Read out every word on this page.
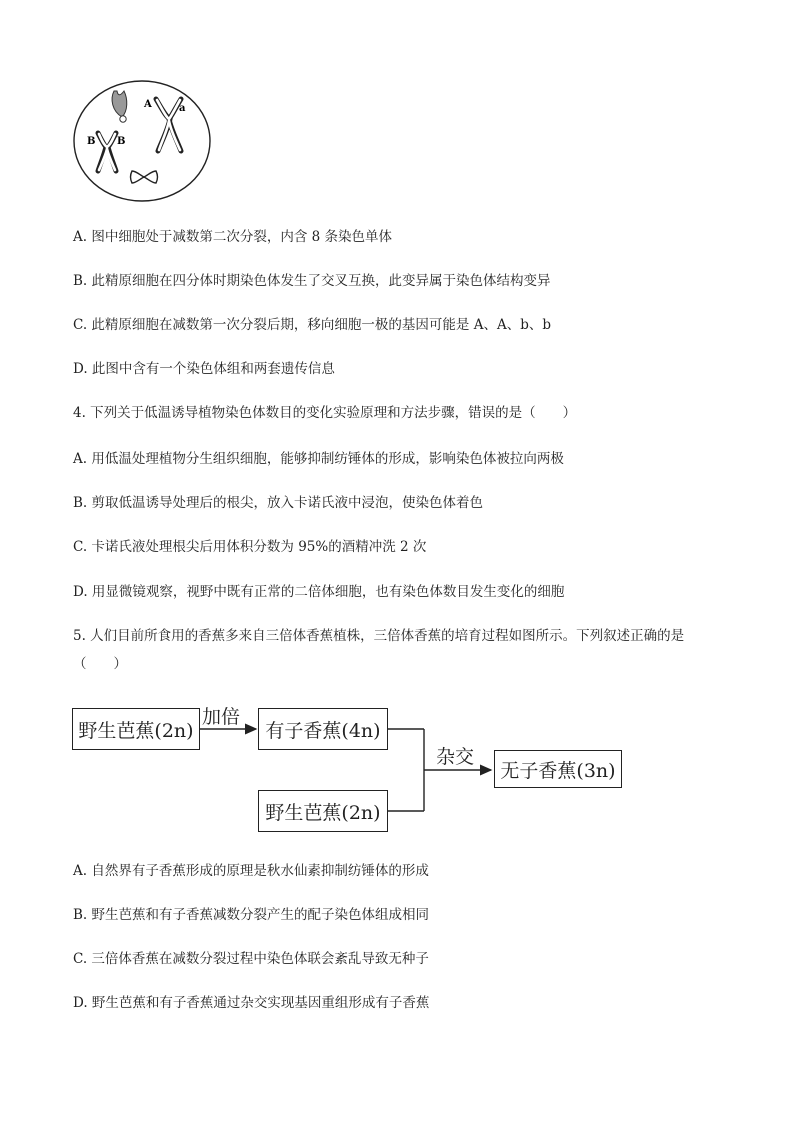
A	a
B B
A. 图中细胞处于减数第二次分裂，内含 8 条染色单体
B. 此精原细胞在四分体时期染色体发生了交叉互换，此变异属于染色体结构变异
C. 此精原细胞在减数第一次分裂后期，移向细胞一极的基因可能是 A、A、b、b
D. 此图中含有一个染色体组和两套遗传信息
4. 下列关于低温诱导植物染色体数目的变化实验原理和方法步骤，错误的是（　　）
A. 用低温处理植物分生组织细胞，能够抑制纺锤体的形成，影响染色体被拉向两极
B. 剪取低温诱导处理后的根尖，放入卡诺氏液中浸泡，使染色体着色
C. 卡诺氏液处理根尖后用体积分数为 95%的酒精冲洗 2 次
D. 用显微镜观察，视野中既有正常的二倍体细胞，也有染色体数目发生变化的细胞
5. 人们目前所食用的香蕉多来自三倍体香蕉植株，三倍体香蕉的培育过程如图所示。下列叙述正确的是（　　）
野生芭蕉(2n)
加倍
有子香蕉(4n)
野生芭蕉(2n)
杂交
无子香蕉(3n)
A. 自然界有子香蕉形成的原理是秋水仙素抑制纺锤体的形成
B. 野生芭蕉和有子香蕉减数分裂产生的配子染色体组成相同
C. 三倍体香蕉在减数分裂过程中染色体联会紊乱导致无种子
D. 野生芭蕉和有子香蕉通过杂交实现基因重组形成有子香蕉
